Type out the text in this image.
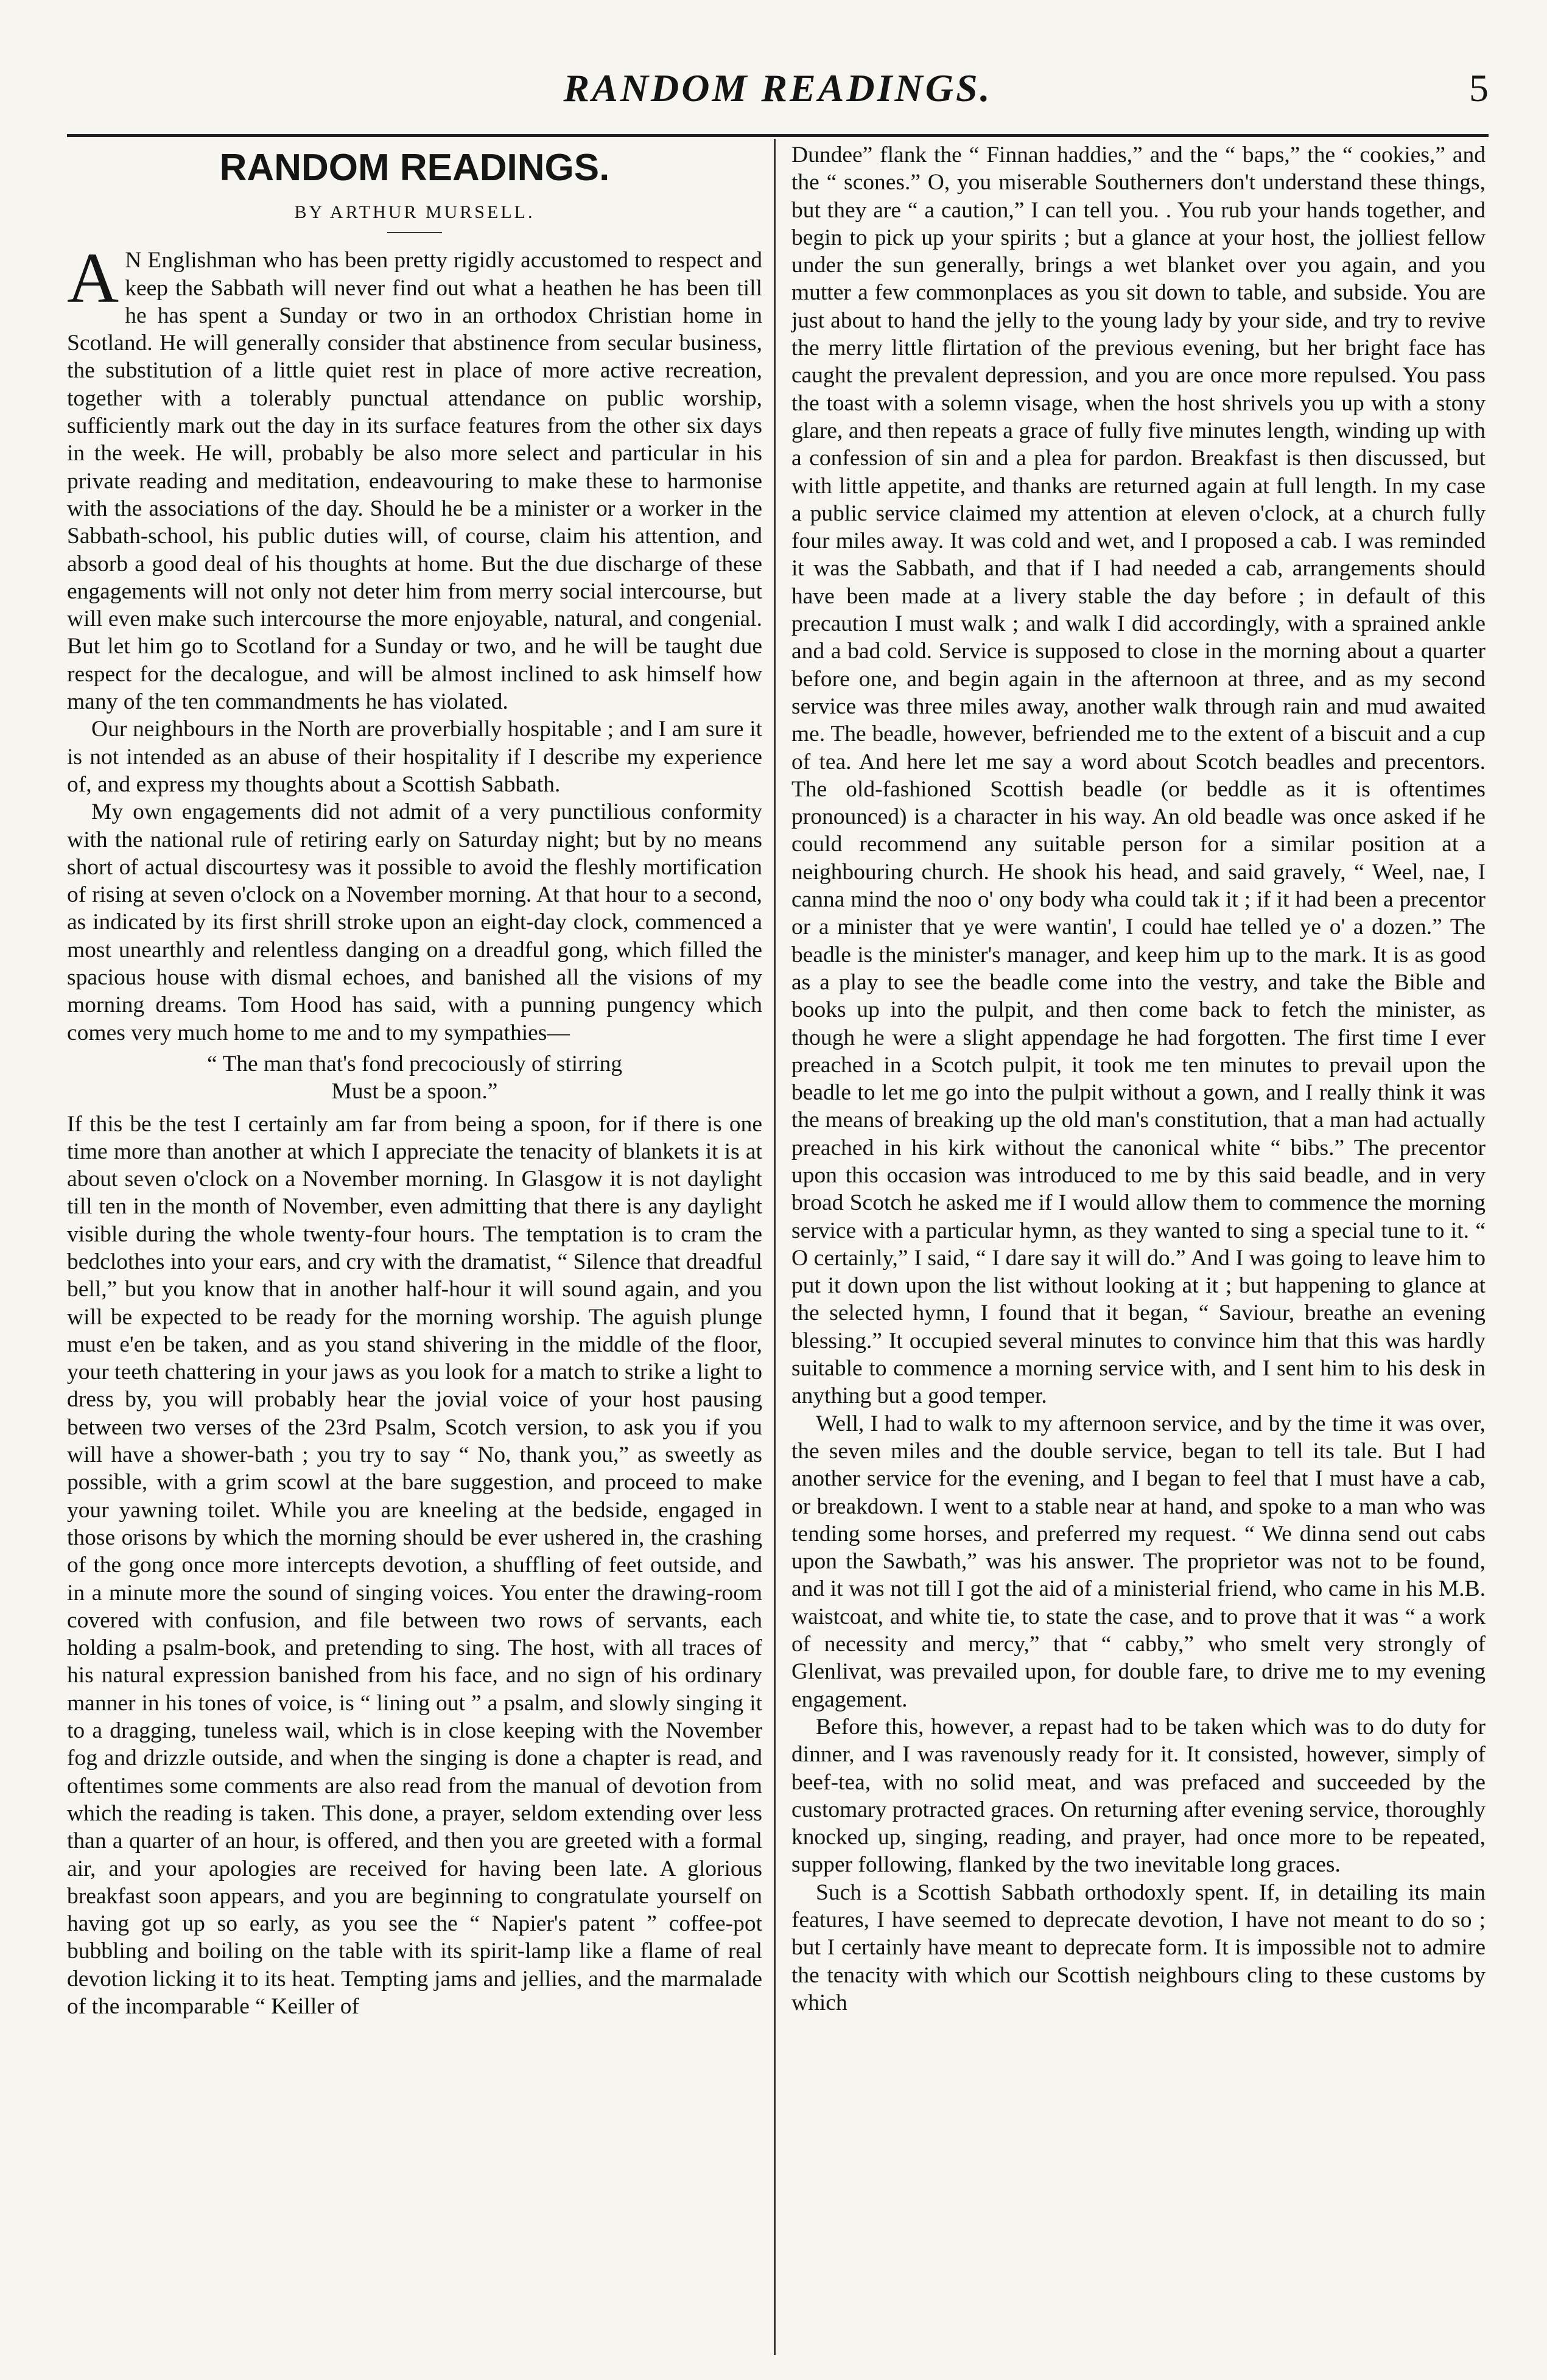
RANDOM READINGS.	5
RANDOM READINGS.
BY ARTHUR MURSELL.

A N Englishman who has been pretty rigidly accustomed to respect and keep the Sabbath will never find out what a heathen he has been till he has spent a Sunday or two in an orthodox Christian home in Scotland. He will generally consider that abstinence from secular business, the substitution of a little quiet rest in place of more active recreation, together with a tolerably punctual attendance on public worship, sufficiently mark out the day in its surface features from the other six days in the week. He will, probably be also more select and particular in his private reading and meditation, endeavouring to make these to harmonise with the associations of the day. Should he be a minister or a worker in the Sabbath-school, his public duties will, of course, claim his attention, and absorb a good deal of his thoughts at home. But the due discharge of these engagements will not only not deter him from merry social intercourse, but will even make such intercourse the more enjoyable, natural, and congenial. But let him go to Scotland for a Sunday or two, and he will be taught due respect for the decalogue, and will be almost inclined to ask himself how many of the ten commandments he has violated.

Our neighbours in the North are proverbially hospitable ; and I am sure it is not intended as an abuse of their hospitality if I describe my experience of, and express my thoughts about a Scottish Sabbath.

My own engagements did not admit of a very punctilious conformity with the national rule of retiring early on Saturday night; but by no means short of actual discourtesy was it possible to avoid the fleshly mortification of rising at seven o'clock on a November morning. At that hour to a second, as indicated by its first shrill stroke upon an eight-day clock, commenced a most unearthly and relentless danging on a dreadful gong, which filled the spacious house with dismal echoes, and banished all the visions of my morning dreams. Tom Hood has said, with a punning pungency which comes very much home to me and to my sympathies—

“ The man that's fond precociously of stirring
Must be a spoon.”

If this be the test I certainly am far from being a spoon, for if there is one time more than another at which I appreciate the tenacity of blankets it is at about seven o'clock on a November morning. In Glasgow it is not daylight till ten in the month of November, even admitting that there is any daylight visible during the whole twenty-four hours. The temptation is to cram the bedclothes into your ears, and cry with the dramatist, “ Silence that dreadful bell,” but you know that in another half-hour it will sound again, and you will be expected to be ready for the morning worship. The aguish plunge must e'en be taken, and as you stand shivering in the middle of the floor, your teeth chattering in your jaws as you look for a match to strike a light to dress by, you will probably hear the jovial voice of your host pausing between two verses of the 23rd Psalm, Scotch version, to ask you if you will have a shower-bath ; you try to say “ No, thank you,” as sweetly as possible, with a grim scowl at the bare suggestion, and proceed to make your yawning toilet. While you are kneeling at the bedside, engaged in those orisons by which the morning should be ever ushered in, the crashing of the gong once more intercepts devotion, a shuffling of feet outside, and in a minute more the sound of singing voices. You enter the drawing-room covered with confusion, and file between two rows of servants, each holding a psalm-book, and pretending to sing. The host, with all traces of his natural expression banished from his face, and no sign of his ordinary manner in his tones of voice, is “ lining out ” a psalm, and slowly singing it to a dragging, tuneless wail, which is in close keeping with the November fog and drizzle outside, and when the singing is done a chapter is read, and oftentimes some comments are also read from the manual of devotion from which the reading is taken. This done, a prayer, seldom extending over less than a quarter of an hour, is offered, and then you are greeted with a formal air, and your apologies are received for having been late. A glorious breakfast soon appears, and you are beginning to congratulate yourself on having got up so early, as you see the “ Napier's patent ” coffee-pot bubbling and boiling on the table with its spirit-lamp like a flame of real devotion licking it to its heat. Tempting jams and jellies, and the marmalade of the incomparable “ Keiller of

Dundee” flank the “ Finnan haddies,” and the “ baps,” the “ cookies,” and the “ scones.” O, you miserable Southerners don't understand these things, but they are “ a caution,” I can tell you. . You rub your hands together, and begin to pick up your spirits ; but a glance at your host, the jolliest fellow under the sun generally, brings a wet blanket over you again, and you mutter a few commonplaces as you sit down to table, and subside. You are just about to hand the jelly to the young lady by your side, and try to revive the merry little flirtation of the previous evening, but her bright face has caught the prevalent depression, and you are once more repulsed. You pass the toast with a solemn visage, when the host shrivels you up with a stony glare, and then repeats a grace of fully five minutes length, winding up with a confession of sin and a plea for pardon. Breakfast is then discussed, but with little appetite, and thanks are returned again at full length. In my case a public service claimed my attention at eleven o'clock, at a church fully four miles away. It was cold and wet, and I proposed a cab. I was reminded it was the Sabbath, and that if I had needed a cab, arrangements should have been made at a livery stable the day before ; in default of this precaution I must walk ; and walk I did accordingly, with a sprained ankle and a bad cold. Service is supposed to close in the morning about a quarter before one, and begin again in the afternoon at three, and as my second service was three miles away, another walk through rain and mud awaited me. The beadle, however, befriended me to the extent of a biscuit and a cup of tea. And here let me say a word about Scotch beadles and precentors. The old-fashioned Scottish beadle (or beddle as it is oftentimes pronounced) is a character in his way. An old beadle was once asked if he could recommend any suitable person for a similar position at a neighbouring church. He shook his head, and said gravely, “ Weel, nae, I canna mind the noo o' ony body wha could tak it ; if it had been a precentor or a minister that ye were wantin', I could hae telled ye o' a dozen.” The beadle is the minister's manager, and keep him up to the mark. It is as good as a play to see the beadle come into the vestry, and take the Bible and books up into the pulpit, and then come back to fetch the minister, as though he were a slight appendage he had forgotten. The first time I ever preached in a Scotch pulpit, it took me ten minutes to prevail upon the beadle to let me go into the pulpit without a gown, and I really think it was the means of breaking up the old man's constitution, that a man had actually preached in his kirk without the canonical white “ bibs.” The precentor upon this occasion was introduced to me by this said beadle, and in very broad Scotch he asked me if I would allow them to commence the morning service with a particular hymn, as they wanted to sing a special tune to it. “ O certainly,” I said, “ I dare say it will do.” And I was going to leave him to put it down upon the list without looking at it ; but happening to glance at the selected hymn, I found that it began, “ Saviour, breathe an evening blessing.” It occupied several minutes to convince him that this was hardly suitable to commence a morning service with, and I sent him to his desk in anything but a good temper.

Well, I had to walk to my afternoon service, and by the time it was over, the seven miles and the double service, began to tell its tale. But I had another service for the evening, and I began to feel that I must have a cab, or breakdown. I went to a stable near at hand, and spoke to a man who was tending some horses, and preferred my request. “ We dinna send out cabs upon the Sawbath,” was his answer. The proprietor was not to be found, and it was not till I got the aid of a ministerial friend, who came in his M.B. waistcoat, and white tie, to state the case, and to prove that it was “ a work of necessity and mercy,” that “ cabby,” who smelt very strongly of Glenlivat, was prevailed upon, for double fare, to drive me to my evening engagement.

Before this, however, a repast had to be taken which was to do duty for dinner, and I was ravenously ready for it. It consisted, however, simply of beef-tea, with no solid meat, and was prefaced and succeeded by the customary protracted graces. On returning after evening service, thoroughly knocked up, singing, reading, and prayer, had once more to be repeated, supper following, flanked by the two inevitable long graces.

Such is a Scottish Sabbath orthodoxly spent. If, in detailing its main features, I have seemed to deprecate devotion, I have not meant to do so ; but I certainly have meant to deprecate form. It is impossible not to admire the tenacity with which our Scottish neighbours cling to these customs by which
